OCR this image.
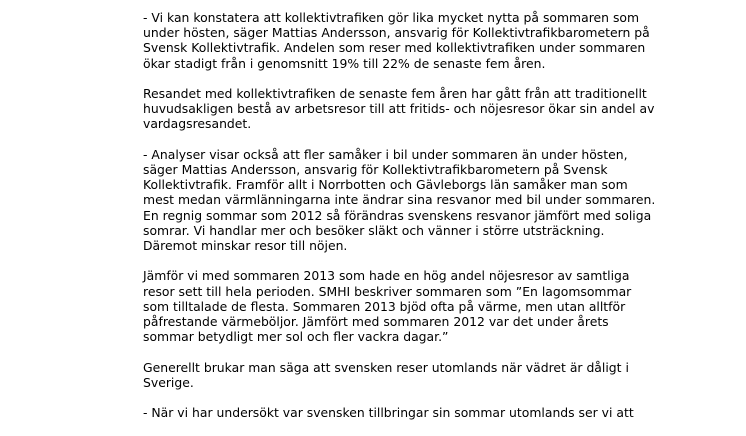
- Vi kan konstatera att kollektivtrafiken gör lika mycket nytta på sommaren som
under hösten, säger Mattias Andersson, ansvarig för Kollektivtrafikbarometern på
Svensk Kollektivtrafik. Andelen som reser med kollektivtrafiken under sommaren
ökar stadigt från i genomsnitt 19% till 22% de senaste fem åren.

Resandet med kollektivtrafiken de senaste fem åren har gått från att traditionellt
huvudsakligen bestå av arbetsresor till att fritids- och nöjesresor ökar sin andel av
vardagsresandet.

- Analyser visar också att fler samåker i bil under sommaren än under hösten,
säger Mattias Andersson, ansvarig för Kollektivtrafikbarometern på Svensk
Kollektivtrafik. Framför allt i Norrbotten och Gävleborgs län samåker man som
mest medan värmlänningarna inte ändrar sina resvanor med bil under sommaren.
En regnig sommar som 2012 så förändras svenskens resvanor jämfört med soliga
somrar. Vi handlar mer och besöker släkt och vänner i större utsträckning.
Däremot minskar resor till nöjen.

Jämför vi med sommaren 2013 som hade en hög andel nöjesresor av samtliga
resor sett till hela perioden. SMHI beskriver sommaren som ”En lagomsommar
som tilltalade de flesta. Sommaren 2013 bjöd ofta på värme, men utan alltför
påfrestande värmeböljor. Jämfört med sommaren 2012 var det under årets
sommar betydligt mer sol och fler vackra dagar.”

Generellt brukar man säga att svensken reser utomlands när vädret är dåligt i
Sverige.

- När vi har undersökt var svensken tillbringar sin sommar utomlands ser vi att
